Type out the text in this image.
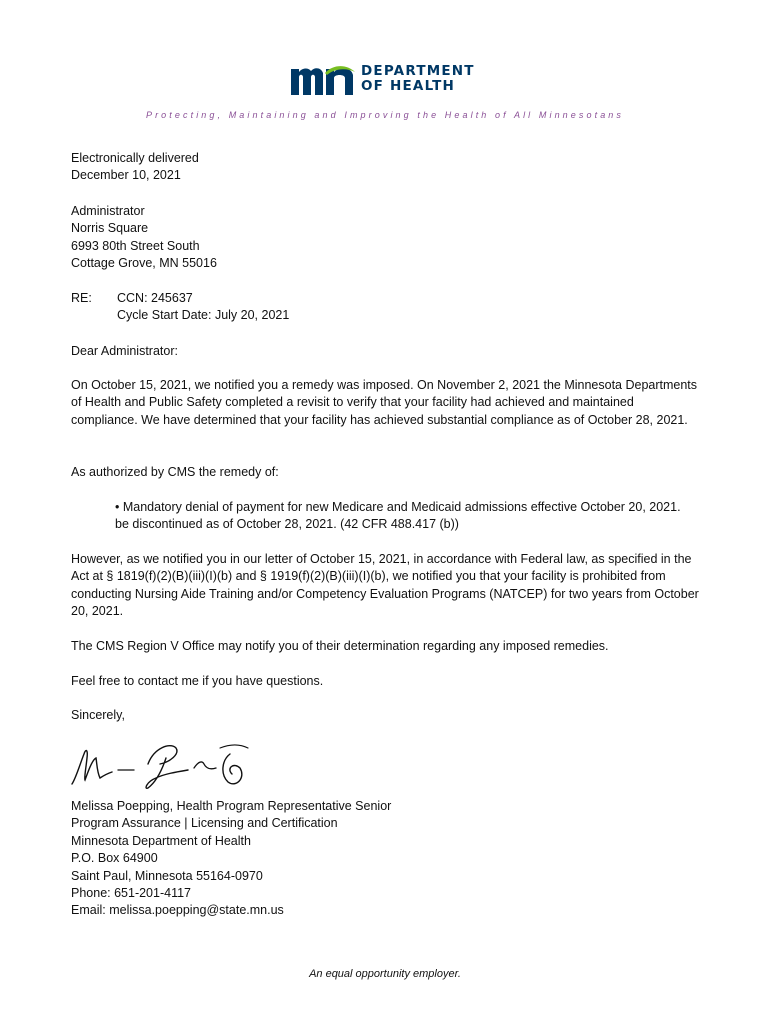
DEPARTMENT
OF HEALTH
Protecting, Maintaining and Improving the Health of All Minnesotans
Electronically delivered
December 10, 2021
Administrator
Norris Square
6993 80th Street South
Cottage Grove, MN 55016
RE: CCN: 245637
Cycle Start Date: July 20, 2021
Dear Administrator:
On October 15, 2021, we notified you a remedy was imposed. On November 2, 2021 the Minnesota Departments of Health and Public Safety completed a revisit to verify that your facility had achieved and maintained compliance. We have determined that your facility has achieved substantial compliance as of October 28, 2021.
As authorized by CMS the remedy of:
• Mandatory denial of payment for new Medicare and Medicaid admissions effective October 20, 2021.
be discontinued as of October 28, 2021. (42 CFR 488.417 (b))
However, as we notified you in our letter of October 15, 2021, in accordance with Federal law, as specified in the Act at § 1819(f)(2)(B)(iii)(I)(b) and § 1919(f)(2)(B)(iii)(I)(b), we notified you that your facility is prohibited from conducting Nursing Aide Training and/or Competency Evaluation Programs (NATCEP) for two years from October 20, 2021.
The CMS Region V Office may notify you of their determination regarding any imposed remedies.
Feel free to contact me if you have questions.
Sincerely,
Melissa Poepping, Health Program Representative Senior
Program Assurance | Licensing and Certification
Minnesota Department of Health
P.O. Box 64900
Saint Paul, Minnesota 55164-0970
Phone: 651-201-4117
Email: melissa.poepping@state.mn.us
An equal opportunity employer.
